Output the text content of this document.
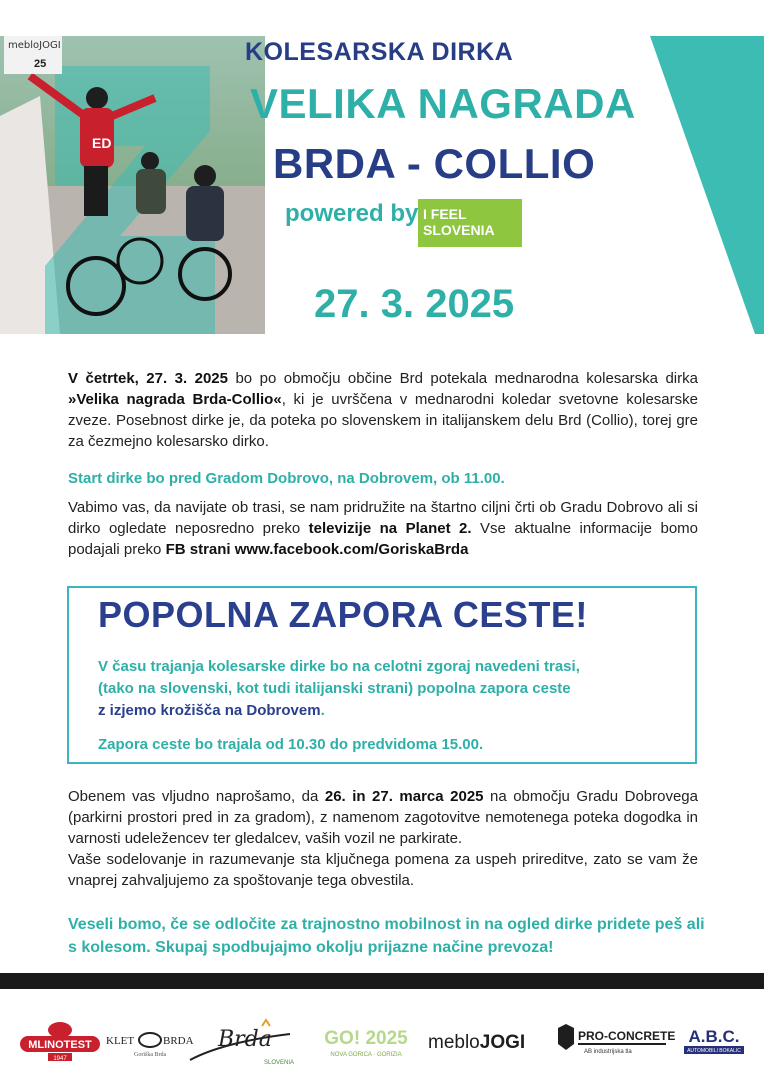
ED
mebloJOGI
25	KOLESARSKA DIRKA
VELIKA NAGRADA
BRDA - COLLIO
powered by I FEEL
SLOVENIA
27. 3. 2025
V četrtek, 27. 3. 2025 bo po območju občine Brd potekala mednarodna kolesarska dirka »Velika nagrada Brda-Collio«, ki je uvrščena v mednarodni koledar svetovne kolesarske zveze. Posebnost dirke je, da poteka po slovenskem in italijanskem delu Brd (Collio), torej gre za čezmejno kolesarsko dirko.
Start dirke bo pred Gradom Dobrovo, na Dobrovem, ob 11.00.
Vabimo vas, da navijate ob trasi, se nam pridružite na štartno ciljni črti ob Gradu Dobrovo ali si dirko ogledate neposredno preko televizije na Planet 2. Vse aktualne informacije bomo podajali preko FB strani www.facebook.com/GoriskaBrda
POPOLNA ZAPORA CESTE!
V času trajanja kolesarske dirke bo na celotni zgoraj navedeni trasi,
(tako na slovenski, kot tudi italijanski strani) popolna zapora ceste
z izjemo krožišča na Dobrovem.
Zapora ceste bo trajala od 10.30 do predvidoma 15.00.
Obenem vas vljudno naprošamo, da 26. in 27. marca 2025 na območju Gradu Dobrovega (parkirni prostori pred in za gradom), z namenom zagotovitve nemotenega poteka dogodka in varnosti udeležencev ter gledalcev, vaših vozil ne parkirate.
Vaše sodelovanje in razumevanje sta ključnega pomena za uspeh prireditve, zato se vam že vnaprej zahvaljujemo za spoštovanje tega obvestila.
Veseli bomo, če se odločite za trajnostno mobilnost in na ogled dirke pridete peš ali s kolesom. Skupaj spodbujajmo okolju prijazne načine prevoza!
MLINOTEST
1947
KLET	BRDA
Goriška Brda
Brda
SLOVENIA
GO! 2025
NOVA GORICA · GORIZIA
mebloJOGI	PRO-CONCRETE
AB industrijska tla
A.B.C.
AUTOMOBILI BOKALIC
